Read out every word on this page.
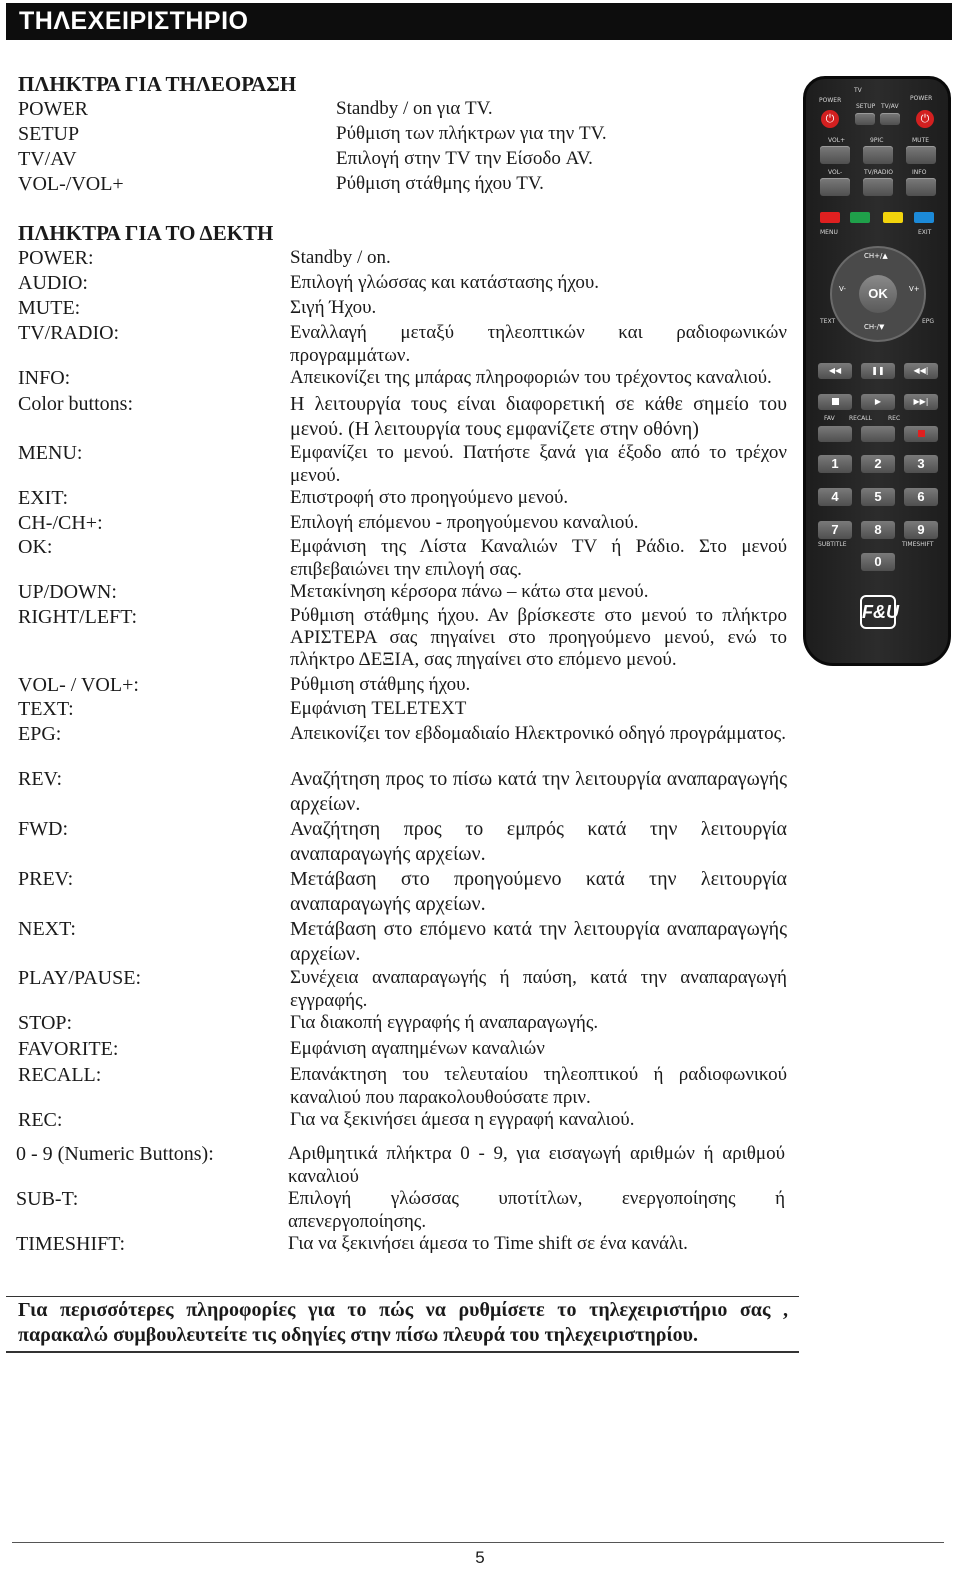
ΤΗΛΕΧΕΙΡΙΣΤΗΡΙΟ
ΠΛΗΚΤΡΑ ΓΙΑ ΤΗΛΕΟΡΑΣΗ
POWER	Standby / on για TV.
SETUP	Ρύθμιση των πλήκτρων για την TV.
TV/AV	Επιλογή στην TV την Είσοδο AV.
VOL-/VOL+	Ρύθμιση στάθμης ήχου TV.
ΠΛΗΚΤΡΑ ΓΙΑ ΤΟ ΔΕΚΤΗ
POWER:	Standby / on.
AUDIO:	Επιλογή γλώσσας και κατάστασης ήχου.
MUTE:	Σιγή Ήχου.
TV/RADIO:	Εναλλαγή μεταξύ τηλεοπτικών και ραδιοφωνικών προγραμμάτων.
INFO:	Απεικονίζει της μπάρας πληροφοριών του τρέχοντος καναλιού.
Color buttons:	Η λειτουργία τους είναι διαφορετική σε κάθε σημείο του μενού. (Η λειτουργία τους εμφανίζετε στην οθόνη)
MENU:	Εμφανίζει το μενού. Πατήστε ξανά για έξοδο από το τρέχον μενού.
EXIT:	Επιστροφή στο προηγούμενο μενού.
CH-/CH+:	Επιλογή επόμενου - προηγούμενου καναλιού.
OK:	Εμφάνιση της Λίστα Καναλιών TV ή Ράδιο. Στο μενού επιβεβαιώνει την επιλογή σας.
UP/DOWN:	Μετακίνηση κέρσορα πάνω – κάτω στα μενού.
RIGHT/LEFT:	Ρύθμιση στάθμης ήχου. Αν βρίσκεστε στο μενού το πλήκτρο ΑΡΙΣΤΕΡΑ σας πηγαίνει στο προηγούμενο μενού, ενώ το πλήκτρο ΔΕΞΙΑ, σας πηγαίνει στο επόμενο μενού.
VOL- / VOL+:	Ρύθμιση στάθμης ήχου.
TEXT:	Εμφάνιση TELETEXT
EPG:	Απεικονίζει τον εβδομαδιαίο Ηλεκτρονικό οδηγό προγράμματος.
REV:	Αναζήτηση προς το πίσω κατά την λειτουργία αναπαραγωγής αρχείων.
FWD:	Αναζήτηση προς το εμπρός κατά την λειτουργία αναπαραγωγής αρχείων.
PREV:	Μετάβαση στο προηγούμενο κατά την λειτουργία αναπαραγωγής αρχείων.
NEXT:	Μετάβαση στο επόμενο κατά την λειτουργία αναπαραγωγής αρχείων.
PLAY/PAUSE:	Συνέχεια αναπαραγωγής ή παύση, κατά την αναπαραγωγή εγγραφής.
STOP:	Για διακοπή εγγραφής ή αναπαραγωγής.
FAVORITE:	Εμφάνιση αγαπημένων καναλιών
RECALL:	Επανάκτηση του τελευταίου τηλεοπτικού ή ραδιοφωνικού καναλιού που παρακολουθούσατε πριν.
REC:	Για να ξεκινήσει άμεσα η εγγραφή καναλιού.
0 - 9 (Numeric Buttons):	Αριθμητικά πλήκτρα 0 - 9, για εισαγωγή αριθμών ή αριθμού καναλιού
SUB-T:	Επιλογή γλώσσας υποτίτλων, ενεργοποίησης ή απενεργοποίησης.
TIMESHIFT:	Για να ξεκινήσει άμεσα το Time shift σε ένα κανάλι.
Για περισσότερες πληροφορίες για το πώς να ρυθμίσετε το τηλεχειριστήριο σας , παρακαλώ συμβουλευτείτε τις οδηγίες στην πίσω πλευρά του τηλεχειριστηρίου.
5
TV
POWER	POWER
SETUP TV/AV
⏻	⏻
VOL+	9PIC	MUTE
VOL-	TV/RADIO	INFO
MENU	EXIT
CH+/▲
CH-/▼
V-	V+
OK
TEXT	EPG
◀◀	❚❚	◀◀|
▶	▶▶|
FAV RECALL	REC
1	2	3
4	5	6
7	8	9
SUBTITLE	TIMESHIFT
0
F&U
